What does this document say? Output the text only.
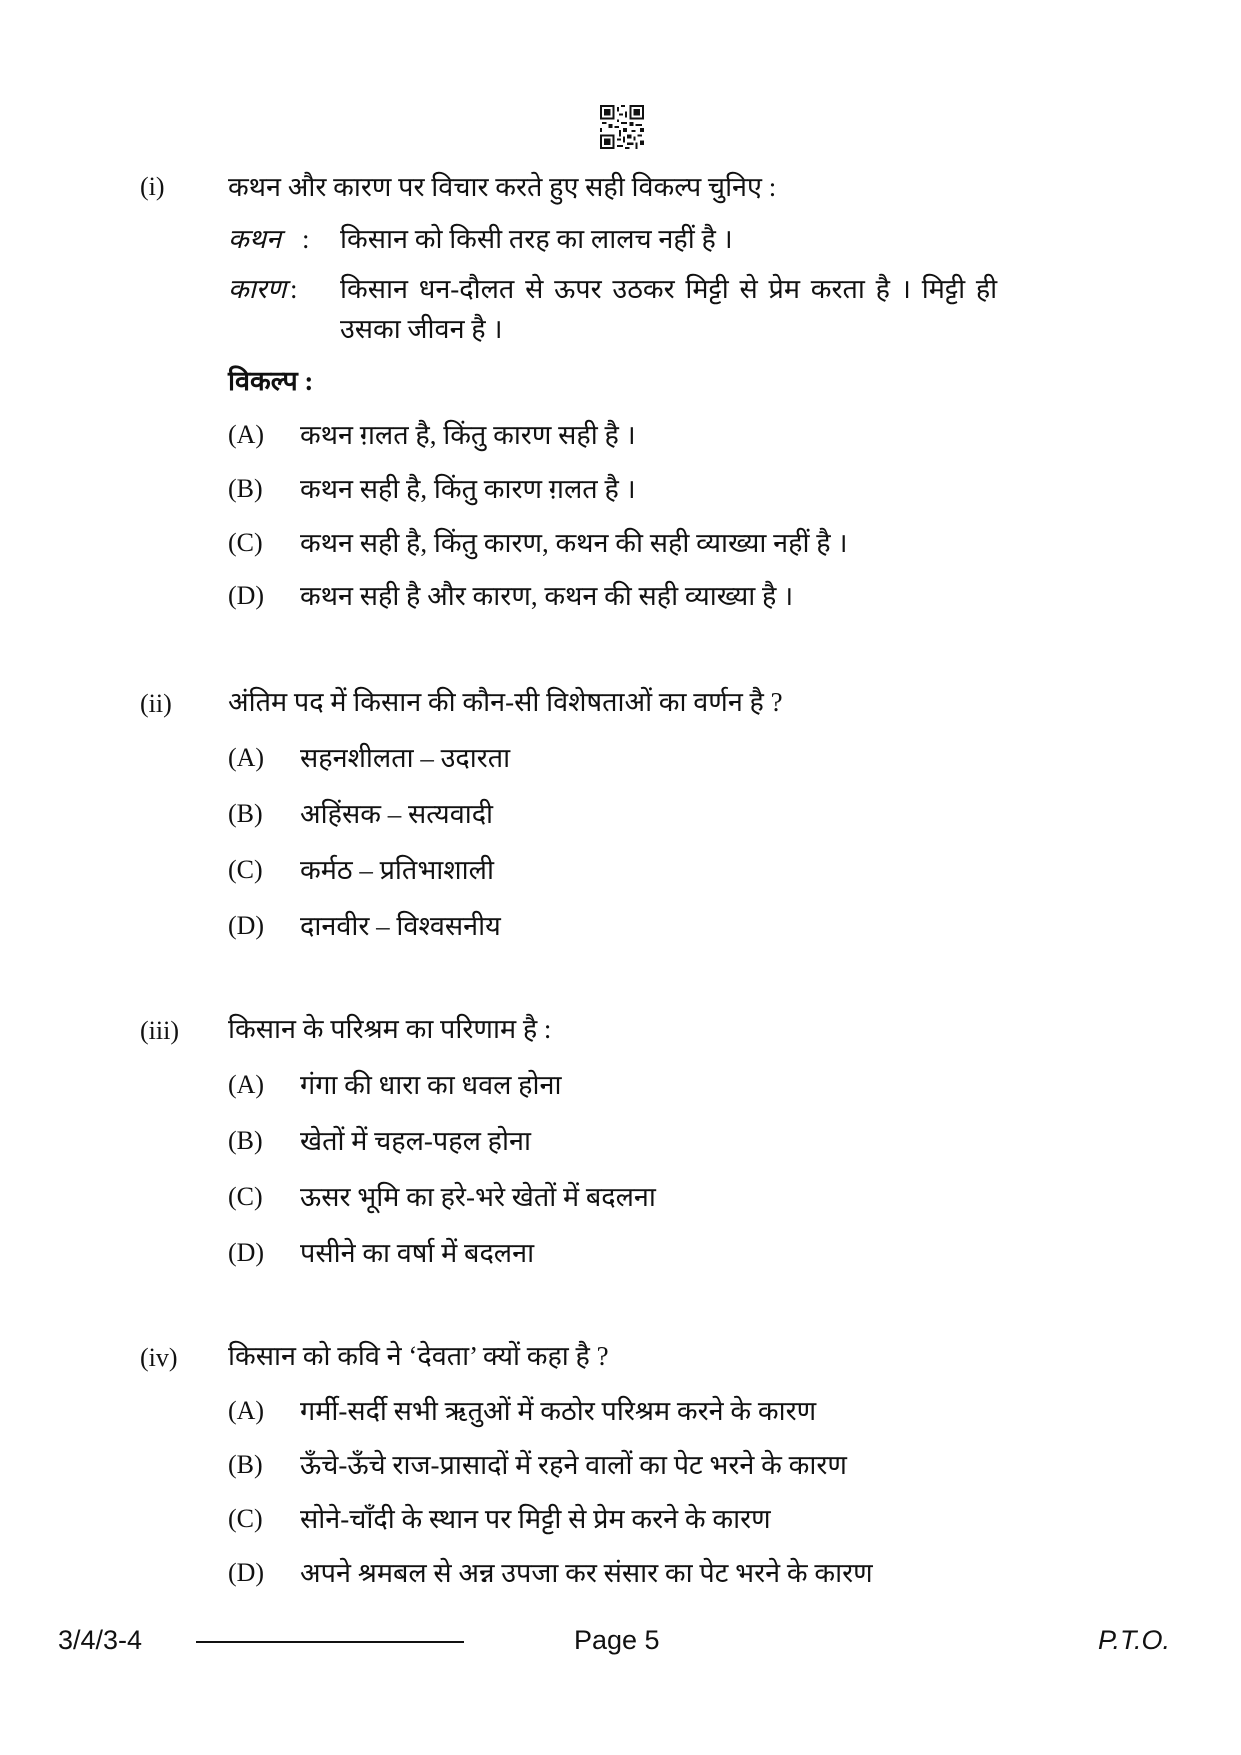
(i) कथन और कारण पर विचार करते हुए सही विकल्प चुनिए :
कथन : किसान को किसी तरह का लालच नहीं है ।
कारण : किसान धन-दौलत से ऊपर उठकर मिट्टी से प्रेम करता है । मिट्टी ही
उसका जीवन है ।
विकल्प :
(A) कथन ग़लत है, किंतु कारण सही है ।
(B) कथन सही है, किंतु कारण ग़लत है ।
(C) कथन सही है, किंतु कारण, कथन की सही व्याख्या नहीं है ।
(D) कथन सही है और कारण, कथन की सही व्याख्या है ।
(ii) अंतिम पद में किसान की कौन-सी विशेषताओं का वर्णन है ?
(A) सहनशीलता – उदारता
(B) अहिंसक – सत्यवादी
(C) कर्मठ – प्रतिभाशाली
(D) दानवीर – विश्वसनीय
(iii) किसान के परिश्रम का परिणाम है :
(A) गंगा की धारा का धवल होना
(B) खेतों में चहल-पहल होना
(C) ऊसर भूमि का हरे-भरे खेतों में बदलना
(D) पसीने का वर्षा में बदलना
(iv) किसान को कवि ने ‘देवता’ क्यों कहा है ?
(A) गर्मी-सर्दी सभी ऋतुओं में कठोर परिश्रम करने के कारण
(B) ऊँचे-ऊँचे राज-प्रासादों में रहने वालों का पेट भरने के कारण
(C) सोने-चाँदी के स्थान पर मिट्टी से प्रेम करने के कारण
(D) अपने श्रमबल से अन्न उपजा कर संसार का पेट भरने के कारण
3/4/3-4	Page 5	P.T.O.
